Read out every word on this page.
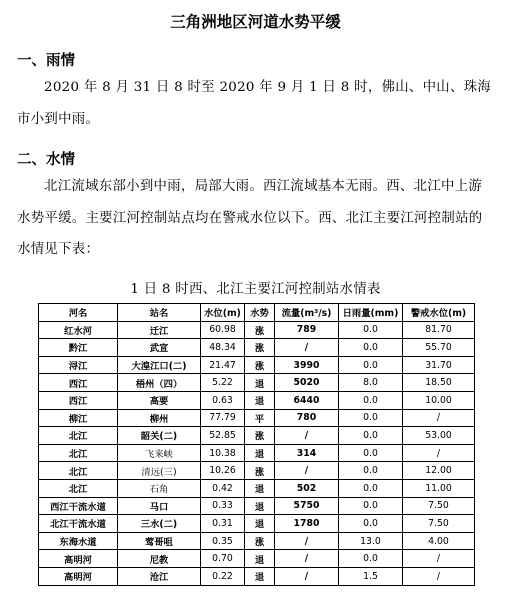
三角洲地区河道水势平缓
一、雨情
2020 年 8 月 31 日 8 时至 2020 年 9 月 1 日 8 时，佛山、中山、珠海市小到中雨。
二、水情
北江流域东部小到中雨，局部大雨。西江流域基本无雨。西、北江中上游水势平缓。主要江河控制站点均在警戒水位以下。西、北江主要江河控制站的水情见下表：
1 日 8 时西、北江主要江河控制站水情表
河名	站名	水位(m)	水势	流量(m³/s)	日雨量(mm)	警戒水位(m)
红水河	迁江	60.98	涨	789	0.0	81.70
黔江	武宣	48.34	涨	/	0.0	55.70
浔江	大湟江口(二)	21.47	涨	3990	0.0	31.70
西江	梧州（四）	5.22	退	5020	8.0	18.50
西江	高要	0.63	退	6440	0.0	10.00
柳江	柳州	77.79	平	780	0.0	/
北江	韶关(二)	52.85	涨	/	0.0	53.00
北江	飞来峡	10.38	退	314	0.0	/
北江	清远(三)	10.26	涨	/	0.0	12.00
北江	石角	0.42	退	502	0.0	11.00
西江干流水道	马口	0.33	退	5750	0.0	7.50
北江干流水道	三水(二)	0.31	退	1780	0.0	7.50
东海水道	莺哥咀	0.35	涨	/	13.0	4.00
高明河	尼教	0.70	退	/	0.0	/
高明河	沧江	0.22	退	/	1.5	/
